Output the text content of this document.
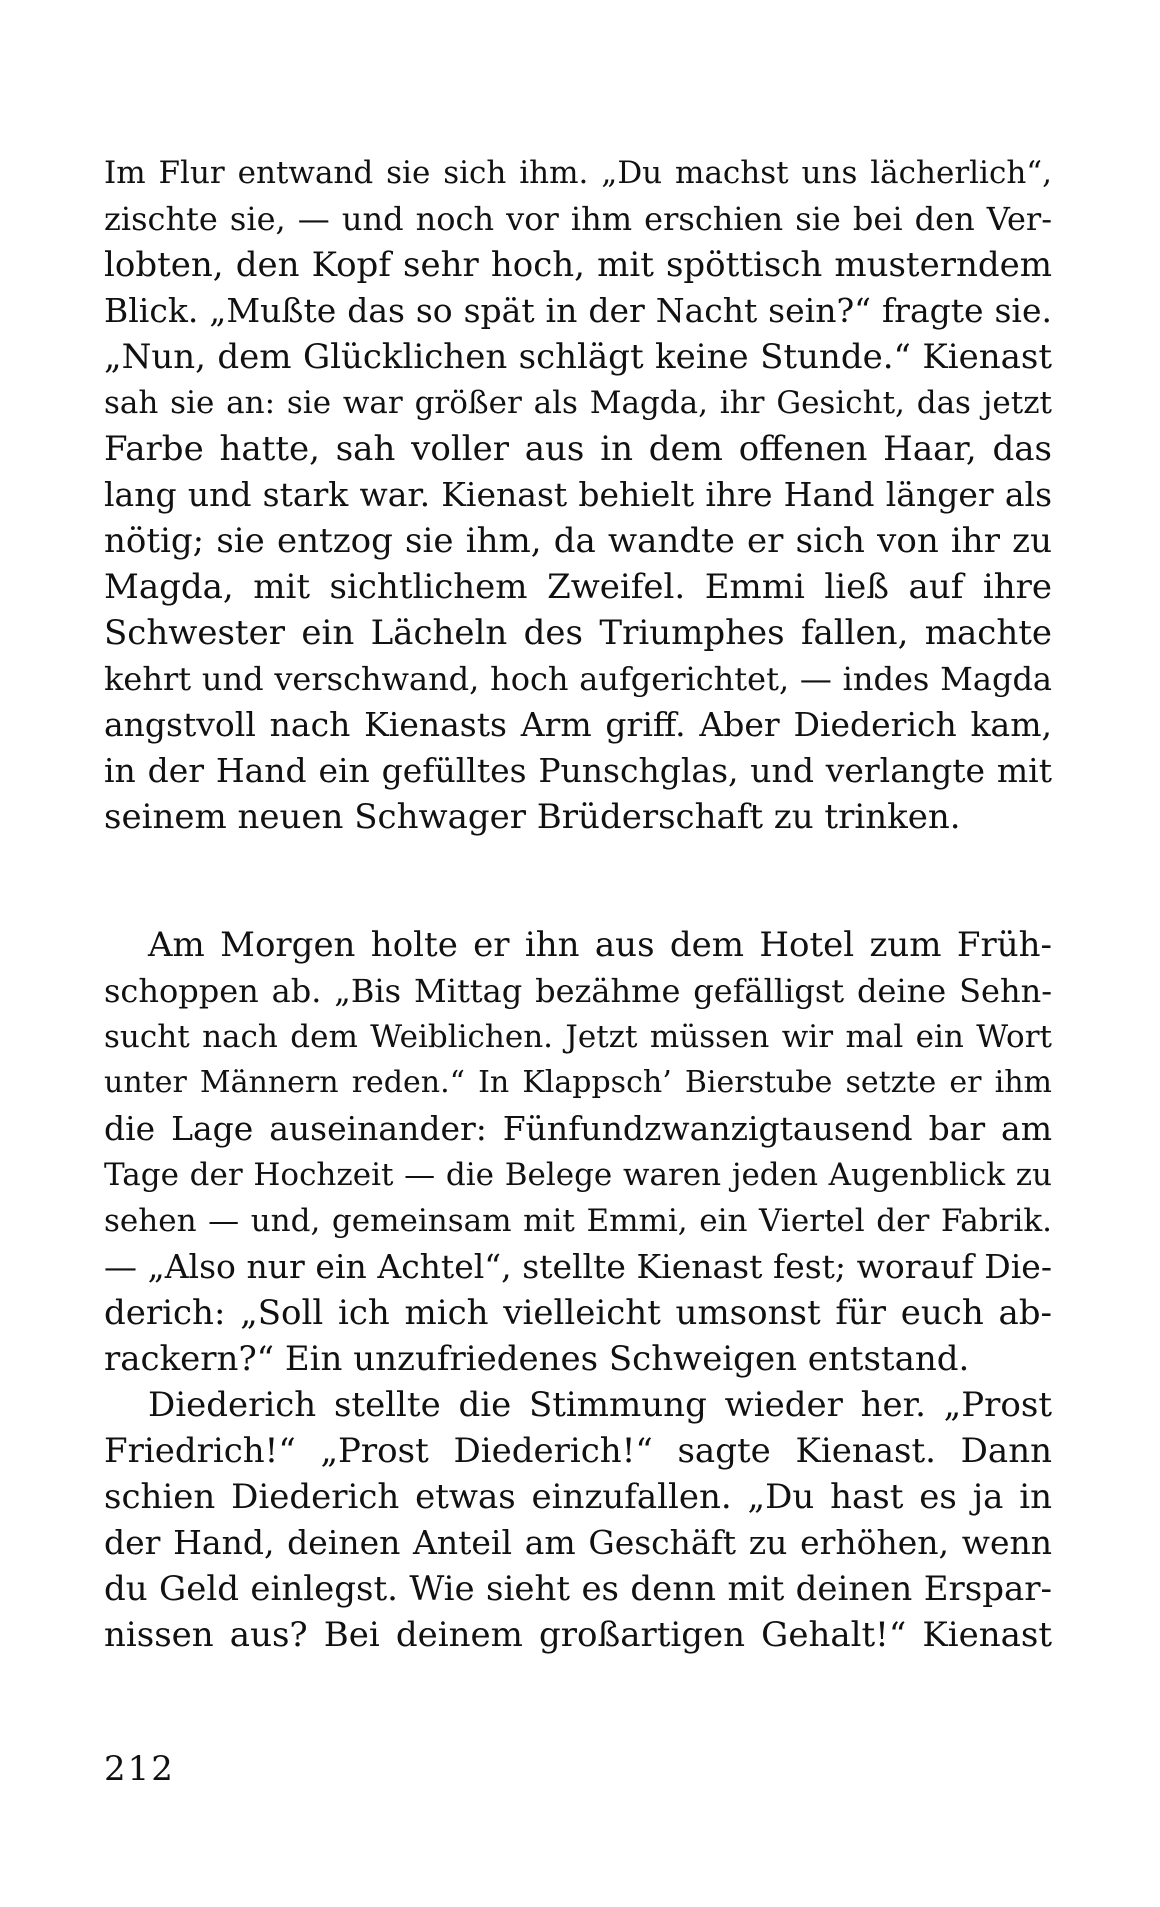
Im Flur entwand sie sich ihm. „Du machst uns lächerlich“,
zischte sie, — und noch vor ihm erschien sie bei den Ver-
lobten, den Kopf sehr hoch, mit spöttisch musterndem
Blick. „Mußte das so spät in der Nacht sein?“ fragte sie.
„Nun, dem Glücklichen schlägt keine Stunde.“ Kienast
sah sie an: sie war größer als Magda, ihr Gesicht, das jetzt
Farbe hatte, sah voller aus in dem offenen Haar, das
lang und stark war. Kienast behielt ihre Hand länger als
nötig; sie entzog sie ihm, da wandte er sich von ihr zu
Magda, mit sichtlichem Zweifel. Emmi ließ auf ihre
Schwester ein Lächeln des Triumphes fallen, machte
kehrt und verschwand, hoch aufgerichtet, — indes Magda
angstvoll nach Kienasts Arm griff. Aber Diederich kam,
in der Hand ein gefülltes Punschglas, und verlangte mit
seinem neuen Schwager Brüderschaft zu trinken.
Am Morgen holte er ihn aus dem Hotel zum Früh-
schoppen ab. „Bis Mittag bezähme gefälligst deine Sehn-
sucht nach dem Weiblichen. Jetzt müssen wir mal ein Wort
unter Männern reden.“ In Klappsch’ Bierstube setzte er ihm
die Lage auseinander: Fünfundzwanzigtausend bar am
Tage der Hochzeit — die Belege waren jeden Augenblick zu
sehen — und, gemeinsam mit Emmi, ein Viertel der Fabrik.
— „Also nur ein Achtel“, stellte Kienast fest; worauf Die-
derich: „Soll ich mich vielleicht umsonst für euch ab-
rackern?“ Ein unzufriedenes Schweigen entstand.
Diederich stellte die Stimmung wieder her. „Prost
Friedrich!“ „Prost Diederich!“ sagte Kienast. Dann
schien Diederich etwas einzufallen. „Du hast es ja in
der Hand, deinen Anteil am Geschäft zu erhöhen, wenn
du Geld einlegst. Wie sieht es denn mit deinen Erspar-
nissen aus? Bei deinem großartigen Gehalt!“ Kienast
212
